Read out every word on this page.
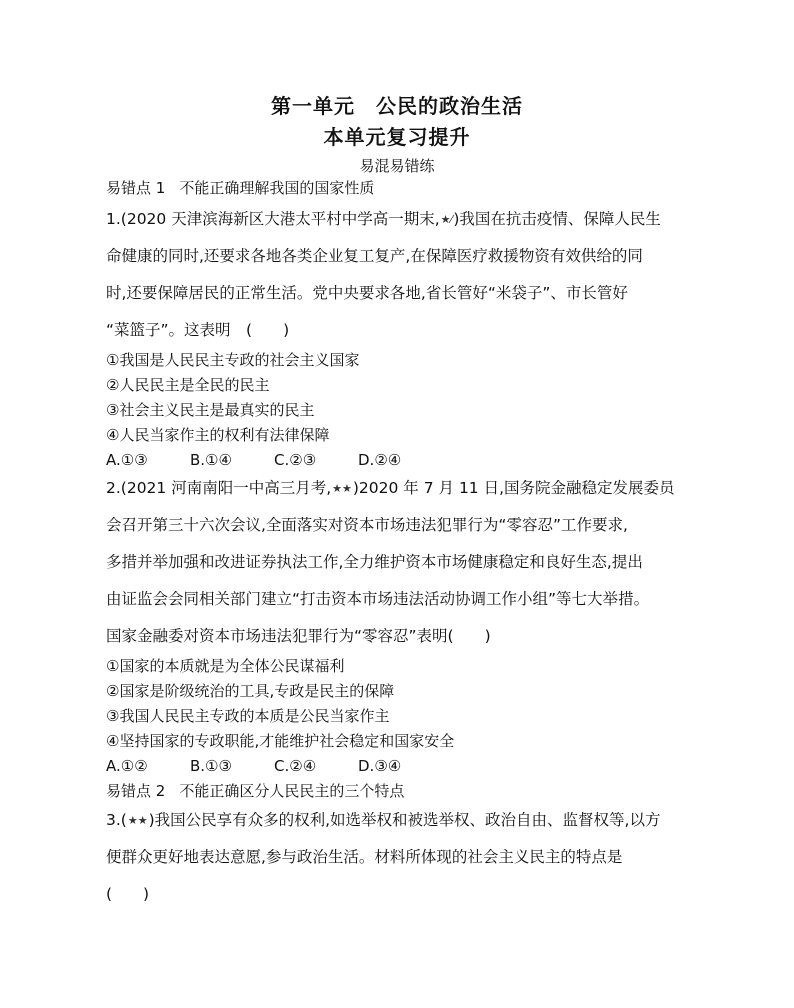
第一单元　公民的政治生活
本单元复习提升
易混易错练
易错点 1 不能正确理解我国的国家性质
1.(2020 天津滨海新区大港太平村中学高一期末,★⁄)我国在抗击疫情、保障人民生
命健康的同时,还要求各地各类企业复工复产,在保障医疗救援物资有效供给的同
时,还要保障居民的正常生活。党中央要求各地,省长管好“米袋子”、市长管好
“菜篮子”。这表明　(　　)
①我国是人民民主专政的社会主义国家
②人民民主是全民的民主
③社会主义民主是最真实的民主
④人民当家作主的权利有法律保障
A.①③	B.①④	C.②③	D.②④
2.(2021 河南南阳一中高三月考,★★)2020 年 7 月 11 日,国务院金融稳定发展委员
会召开第三十六次会议,全面落实对资本市场违法犯罪行为“零容忍”工作要求,
多措并举加强和改进证券执法工作,全力维护资本市场健康稳定和良好生态,提出
由证监会会同相关部门建立“打击资本市场违法活动协调工作小组”等七大举措。
国家金融委对资本市场违法犯罪行为“零容忍”表明(　　)
①国家的本质就是为全体公民谋福利
②国家是阶级统治的工具,专政是民主的保障
③我国人民民主专政的本质是公民当家作主
④坚持国家的专政职能,才能维护社会稳定和国家安全
A.①②	B.①③	C.②④	D.③④
易错点 2 不能正确区分人民民主的三个特点
3.(★★)我国公民享有众多的权利,如选举权和被选举权、政治自由、监督权等,以方
便群众更好地表达意愿,参与政治生活。材料所体现的社会主义民主的特点是
(　　)
